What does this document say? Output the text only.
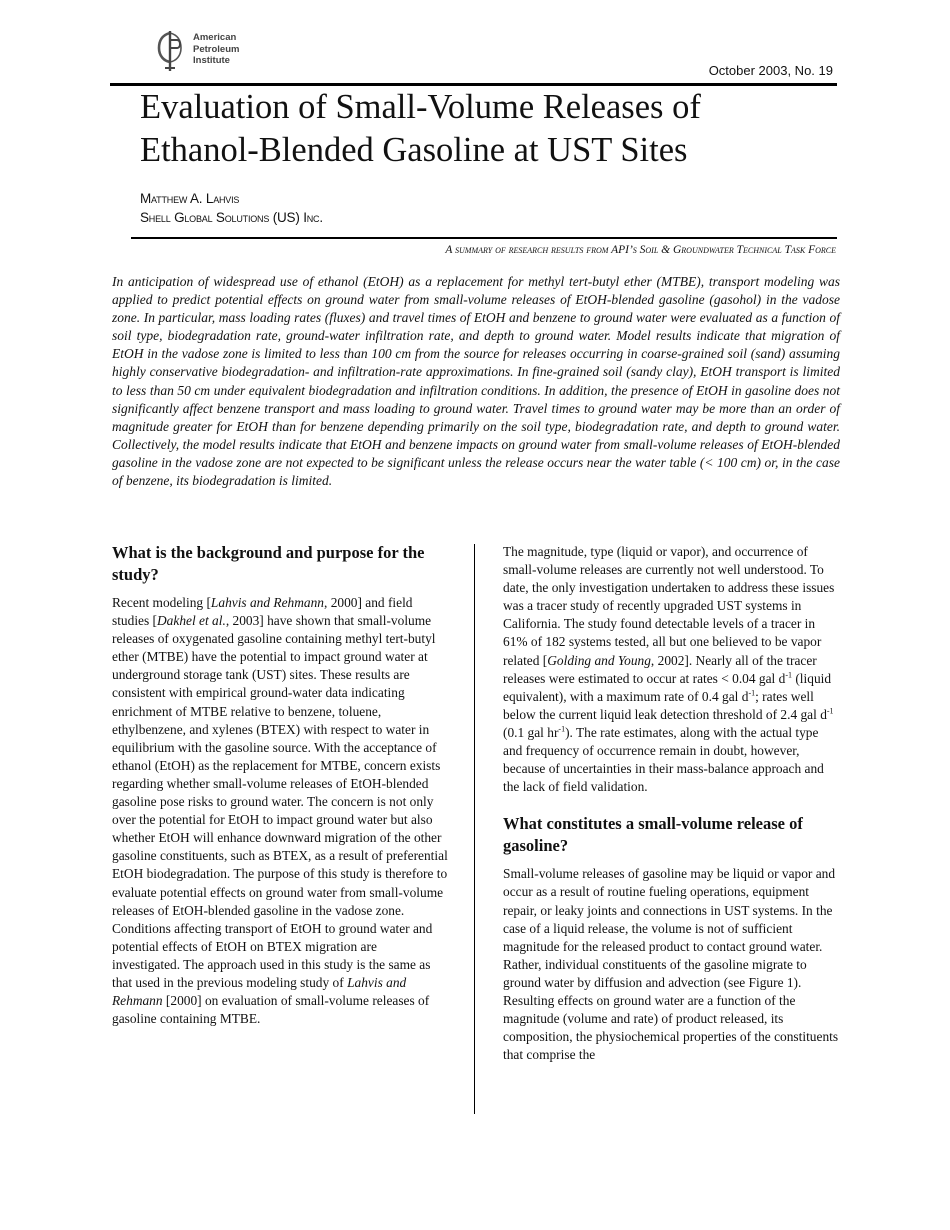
American
Petroleum
Institute
October 2003, No. 19
Evaluation of Small-Volume Releases of
Ethanol-Blended Gasoline at UST Sites
Matthew A. Lahvis
Shell Global Solutions (US) Inc.
A summary of research results from API’s Soil & Groundwater Technical Task Force

In anticipation of widespread use of ethanol (EtOH) as a replacement for methyl tert-butyl ether (MTBE), transport modeling was applied to predict potential effects on ground water from small-volume releases of EtOH-blended gasoline (gasohol) in the vadose zone. In particular, mass loading rates (fluxes) and travel times of EtOH and benzene to ground water were evaluated as a function of soil type, biodegradation rate, ground-water infiltration rate, and depth to ground water. Model results indicate that migration of EtOH in the vadose zone is limited to less than 100 cm from the source for releases occurring in coarse-grained soil (sand) assuming highly conservative biodegradation- and infiltration-rate approximations. In fine-grained soil (sandy clay), EtOH transport is limited to less than 50 cm under equivalent biodegradation and infiltration conditions. In addition, the presence of EtOH in gasoline does not significantly affect benzene transport and mass loading to ground water. Travel times to ground water may be more than an order of magnitude greater for EtOH than for benzene depending primarily on the soil type, biodegradation rate, and depth to ground water. Collectively, the model results indicate that EtOH and benzene impacts on ground water from small-volume releases of EtOH-blended gasoline in the vadose zone are not expected to be significant unless the release occurs near the water table (< 100 cm) or, in the case of benzene, its biodegradation is limited.

What is the background and purpose for the study?

Recent modeling [Lahvis and Rehmann, 2000] and field studies [Dakhel et al., 2003] have shown that small-volume releases of oxygenated gasoline containing methyl tert-butyl ether (MTBE) have the potential to impact ground water at underground storage tank (UST) sites. These results are consistent with empirical ground-water data indicating enrichment of MTBE relative to benzene, toluene, ethylbenzene, and xylenes (BTEX) with respect to water in equilibrium with the gasoline source. With the acceptance of ethanol (EtOH) as the replacement for MTBE, concern exists regarding whether small-volume releases of EtOH-blended gasoline pose risks to ground water. The concern is not only over the potential for EtOH to impact ground water but also whether EtOH will enhance downward migration of the other gasoline constituents, such as BTEX, as a result of preferential EtOH biodegradation. The purpose of this study is therefore to evaluate potential effects on ground water from small-volume releases of EtOH-blended gasoline in the vadose zone. Conditions affecting transport of EtOH to ground water and potential effects of EtOH on BTEX migration are investigated. The approach used in this study is the same as that used in the previous modeling study of Lahvis and Rehmann [2000] on evaluation of small-volume releases of gasoline containing MTBE.

The magnitude, type (liquid or vapor), and occurrence of small-volume releases are currently not well understood. To date, the only investigation undertaken to address these issues was a tracer study of recently upgraded UST systems in California. The study found detectable levels of a tracer in 61% of 182 systems tested, all but one believed to be vapor related [Golding and Young, 2002]. Nearly all of the tracer releases were estimated to occur at rates < 0.04 gal $d^{-1}$ (liquid equivalent), with a maximum rate of 0.4 gal $d^{-1}$; rates well below the current liquid leak detection threshold of 2.4 gal $d^{-1}$ (0.1 gal $hr^{-1}$). The rate estimates, along with the actual type and frequency of occurrence remain in doubt, however, because of uncertainties in their mass-balance approach and the lack of field validation.

What constitutes a small-volume release of gasoline?

Small-volume releases of gasoline may be liquid or vapor and occur as a result of routine fueling operations, equipment repair, or leaky joints and connections in UST systems. In the case of a liquid release, the volume is not of sufficient magnitude for the released product to contact ground water. Rather, individual constituents of the gasoline migrate to ground water by diffusion and advection (see Figure 1). Resulting effects on ground water are a function of the magnitude (volume and rate) of product released, its composition, the physiochemical properties of the constituents that comprise the
